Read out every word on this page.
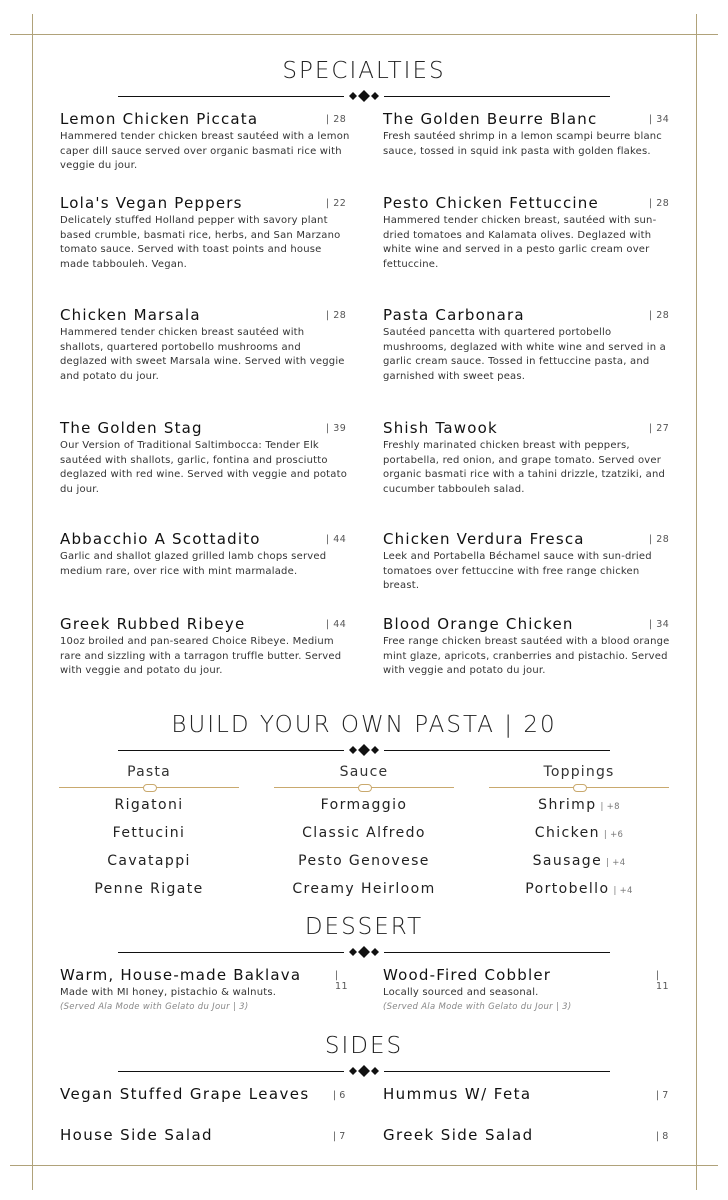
SPECIALTIES
Lemon Chicken Piccata	| 28
Hammered tender chicken breast sautéed with a lemon caper dill sauce served over organic basmati rice with veggie du jour.
The Golden Beurre Blanc	| 34
Fresh sautéed shrimp in a lemon scampi beurre blanc sauce, tossed in squid ink pasta with golden flakes.
Lola's Vegan Peppers	| 22
Delicately stuffed Holland pepper with savory plant based crumble, basmati rice, herbs, and San Marzano tomato sauce. Served with toast points and house made tabbouleh. Vegan.
Pesto Chicken Fettuccine	| 28
Hammered tender chicken breast, sautéed with sun-dried tomatoes and Kalamata olives. Deglazed with white wine and served in a pesto garlic cream over fettuccine.
Chicken Marsala	| 28
Hammered tender chicken breast sautéed with shallots, quartered portobello mushrooms and deglazed with sweet Marsala wine. Served with veggie and potato du jour.
Pasta Carbonara	| 28
Sautéed pancetta with quartered portobello mushrooms, deglazed with white wine and served in a garlic cream sauce. Tossed in fettuccine pasta, and garnished with sweet peas.
The Golden Stag	| 39
Our Version of Traditional Saltimbocca: Tender Elk sautéed with shallots, garlic, fontina and prosciutto deglazed with red wine. Served with veggie and potato du jour.
Shish Tawook	| 27
Freshly marinated chicken breast with peppers, portabella, red onion, and grape tomato. Served over organic basmati rice with a tahini drizzle, tzatziki, and cucumber tabbouleh salad.
Abbacchio A Scottadito	| 44
Garlic and shallot glazed grilled lamb chops served medium rare, over rice with mint marmalade.
Chicken Verdura Fresca	| 28
Leek and Portabella Béchamel sauce with sun-dried tomatoes over fettuccine with free range chicken breast.
Greek Rubbed Ribeye	| 44
10oz broiled and pan-seared Choice Ribeye. Medium rare and sizzling with a tarragon truffle butter. Served with veggie and potato du jour.
Blood Orange Chicken	| 34
Free range chicken breast sautéed with a blood orange mint glaze, apricots, cranberries and pistachio. Served with veggie and potato du jour.
BUILD YOUR OWN PASTA | 20
Pasta
Rigatoni
Fettucini
Cavatappi
Penne Rigate
Sauce
Formaggio
Classic Alfredo
Pesto Genovese
Creamy Heirloom
Toppings
Shrimp | +8
Chicken | +6
Sausage | +4
Portobello | +4
DESSERT
Warm, House-made Baklava	| 11
Made with MI honey, pistachio & walnuts.
(Served Ala Mode with Gelato du Jour | 3)
Wood-Fired Cobbler	| 11
Locally sourced and seasonal.
(Served Ala Mode with Gelato du Jour | 3)
SIDES
Vegan Stuffed Grape Leaves | 6	Hummus W/ Feta	| 7
House Side Salad	| 7	Greek Side Salad	| 8
